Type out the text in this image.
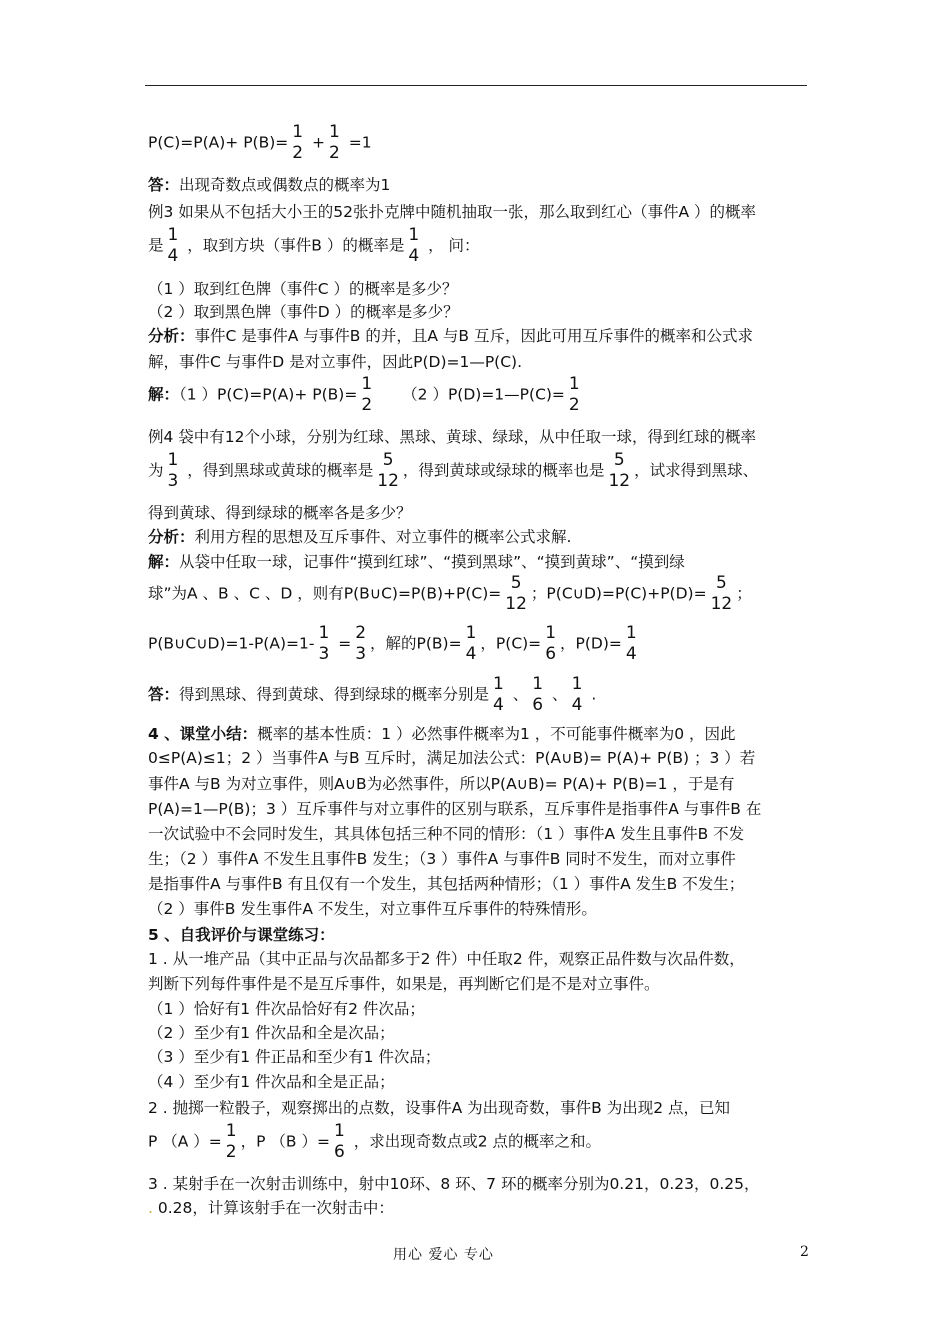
P(C)=P(A)+ P(B)=
1
2 +
1
2 =1
答：出现奇数点或偶数点的概率为1
例3 如果从不包括大小王的52张扑克牌中随机抽取一张，那么取到红心（事件A ）的概率
是
1
4 ，取到方块（事件B ）的概率是
1
4 ， 问：
（1 ）取到红色牌（事件C ）的概率是多少？
（2 ）取到黑色牌（事件D ）的概率是多少？
分析：事件C 是事件A 与事件B 的并，且A 与B 互斥，因此可用互斥事件的概率和公式求
解，事件C 与事件D 是对立事件，因此P(D)=1—P(C).
解：（1 ）P(C)=P(A)+ P(B)=
1
2 （2 ）P(D)=1—P(C)=
1
2
例4 袋中有12个小球，分别为红球、黑球、黄球、绿球，从中任取一球，得到红球的概率
为
1
3 ，得到黑球或黄球的概率是
5
12 ，得到黄球或绿球的概率也是
5
12 ，试求得到黑球、
得到黄球、得到绿球的概率各是多少？
分析：利用方程的思想及互斥事件、对立事件的概率公式求解.
解：从袋中任取一球，记事件“摸到红球”、“摸到黑球”、“摸到黄球”、“摸到绿
球”为A 、B 、C 、D ，则有P(B∪C)=P(B)+P(C)=
5
12 ；P(C∪D)=P(C)+P(D)=
5
12 ；
P(B∪C∪D)=1-P(A)=1-
1
3 =
2
3 ，解的P(B)=
1
4 ，P(C)=
1
6 ，P(D)=
1
4
答：得到黑球、得到黄球、得到绿球的概率分别是
1
4 、
1
6 、
1
4 .
4 、课堂小结：概率的基本性质：1 ）必然事件概率为1 ，不可能事件概率为0 ，因此
0≤P(A)≤1；2 ）当事件A 与B 互斥时，满足加法公式：P(A∪B)= P(A)+ P(B) ；3 ）若
事件A 与B 为对立事件，则A∪B为必然事件，所以P(A∪B)= P(A)+ P(B)=1 ，于是有
P(A)=1—P(B)；3 ）互斥事件与对立事件的区别与联系，互斥事件是指事件A 与事件B 在
一次试验中不会同时发生，其具体包括三种不同的情形：（1 ）事件A 发生且事件B 不发
生；（2 ）事件A 不发生且事件B 发生；（3 ）事件A 与事件B 同时不发生，而对立事件
是指事件A 与事件B 有且仅有一个发生，其包括两种情形；（1 ）事件A 发生B 不发生；
（2 ）事件B 发生事件A 不发生，对立事件互斥事件的特殊情形。
5 、自我评价与课堂练习：
1 . 从一堆产品（其中正品与次品都多于2 件）中任取2 件，观察正品件数与次品件数，
判断下列每件事件是不是互斥事件，如果是，再判断它们是不是对立事件。
（1 ）恰好有1 件次品恰好有2 件次品；
（2 ）至少有1 件次品和全是次品；
（3 ）至少有1 件正品和至少有1 件次品；
（4 ）至少有1 件次品和全是正品；
2 . 抛掷一粒骰子，观察掷出的点数，设事件A 为出现奇数，事件B 为出现2 点，已知
P （A ）=
1
2 ，P （B ）=
1
6 ，求出现奇数点或2 点的概率之和。
3 . 某射手在一次射击训练中，射中10环、8 环、7 环的概率分别为0.21，0.23，0.25，
. 0.28，计算该射手在一次射击中：
用心 爱心 专心	2
